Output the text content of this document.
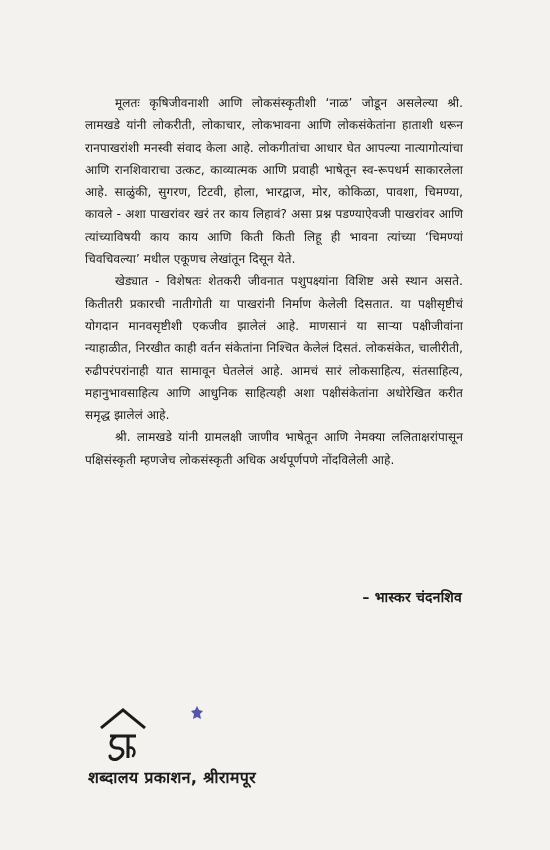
मूलतः कृषिजीवनाशी आणि लोकसंस्कृतीशी ‘नाळ’ जोडून असलेल्या श्री. लामखडे यांनी लोकरीती, लोकाचार, लोकभावना आणि लोकसंकेतांना हाताशी धरून रानपाखरांशी मनस्वी संवाद केला आहे. लोकगीतांचा आधार घेत आपल्या नात्यागोत्यांचा आणि रानशिवाराचा उत्कट, काव्यात्मक आणि प्रवाही भाषेतून स्व-रूपधर्म साकारलेला आहे. साळुंकी, सुगरण, टिटवी, होला, भारद्वाज, मोर, कोकिळा, पावशा, चिमण्या, कावले - अशा पाखरांवर खरं तर काय लिहावं? असा प्रश्न पडण्याऐवजी पाखरांवर आणि त्यांच्याविषयी काय काय आणि किती किती लिहू ही भावना त्यांच्या ‘चिमण्यां चिवचिवल्या’ मधील एकूणच लेखांतून दिसून येते.

खेड्यात - विशेषतः शेतकरी जीवनात पशुपक्ष्यांना विशिष्ट असे स्थान असते. कितीतरी प्रकारची नातीगोती या पाखरांनी निर्माण केलेली दिसतात. या पक्षीसृष्टीचं योगदान मानवसृष्टीशी एकजीव झालेलं आहे. माणसानं या साऱ्या पक्षीजीवांना न्याहाळीत, निरखीत काही वर्तन संकेतांना निश्चित केलेलं दिसतं. लोकसंकेत, चालीरीती, रुढीपरंपरांनाही यात सामावून घेतलेलं आहे. आमचं सारं लोकसाहित्य, संतसाहित्य, महानुभावसाहित्य आणि आधुनिक साहित्यही अशा पक्षीसंकेतांना अधोरेखित करीत समृद्ध झालेलं आहे.

श्री. लामखडे यांनी ग्रामलक्षी जाणीव भाषेतून आणि नेमक्या ललिताक्षरांपासून पक्षिसंस्कृती म्हणजेच लोकसंस्कृती अधिक अर्थपूर्णपणे नोंदविलेली आहे.

– भास्कर चंदनशिव
शब्दालय प्रकाशन, श्रीरामपूर
